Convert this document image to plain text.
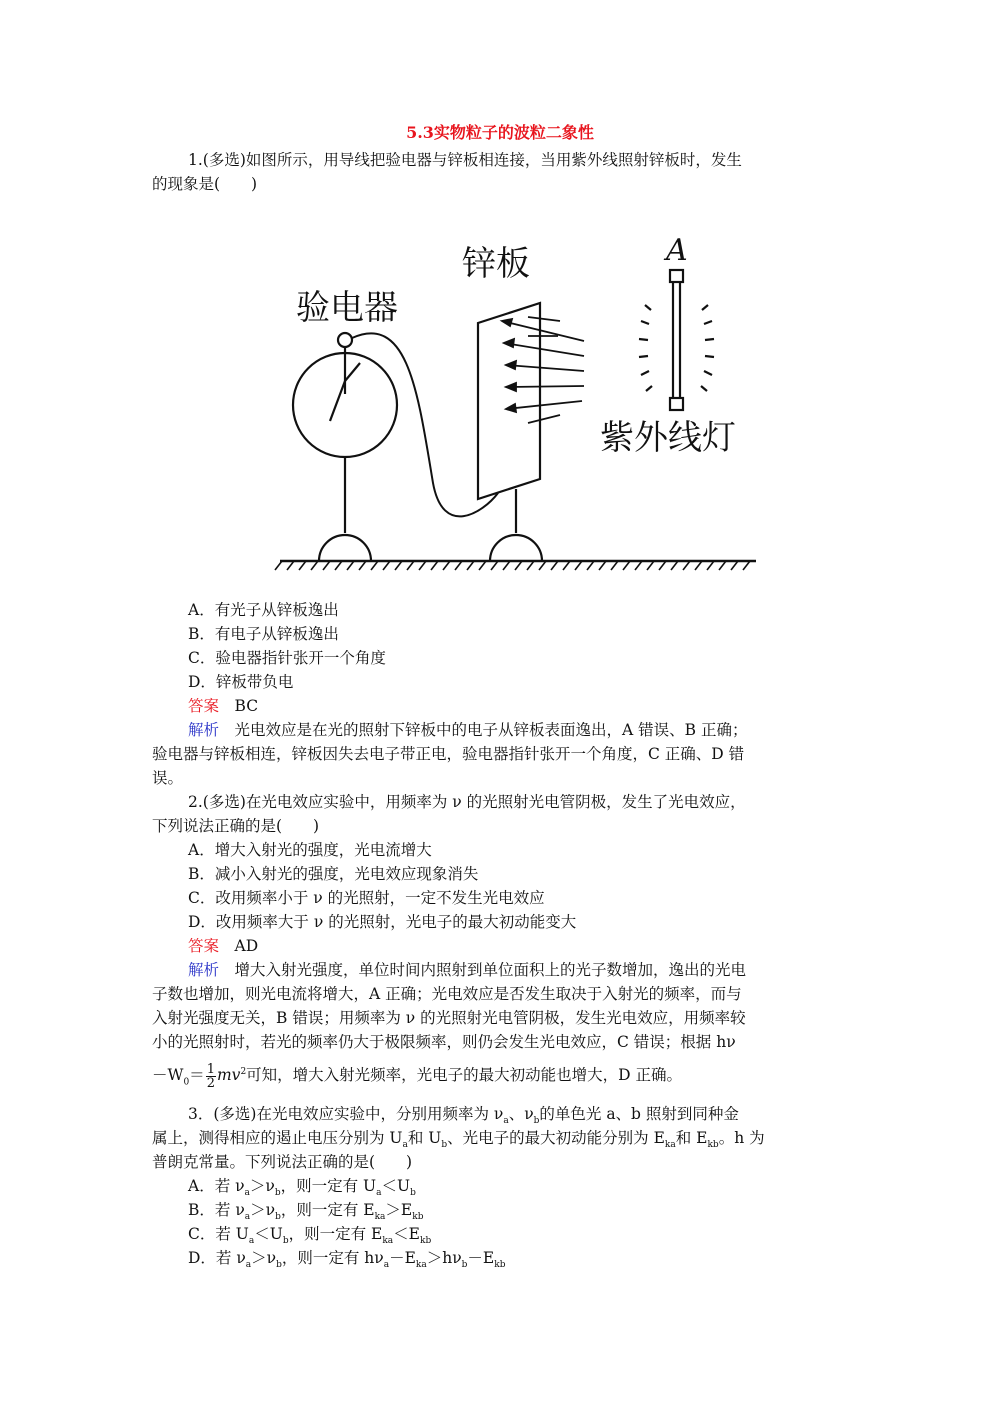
5.3实物粒子的波粒二象性
1.(多选)如图所示，用导线把验电器与锌板相连接，当用紫外线照射锌板时，发生
的现象是(　　)
验电器
锌板	A
紫外线灯
A．有光子从锌板逸出
B．有电子从锌板逸出
C．验电器指针张开一个角度
D．锌板带负电
答案　 BC
解析　 光电效应是在光的照射下锌板中的电子从锌板表面逸出，A 错误、B 正确；
验电器与锌板相连，锌板因失去电子带正电，验电器指针张开一个角度，C 正确、D 错
误。
2.(多选)在光电效应实验中，用频率为 ν 的光照射光电管阴极，发生了光电效应，
下列说法正确的是(　　)
A．增大入射光的强度，光电流增大
B．减小入射光的强度，光电效应现象消失
C．改用频率小于 ν 的光照射，一定不发生光电效应
D．改用频率大于 ν 的光照射，光电子的最大初动能变大
答案　 AD
解析　 增大入射光强度，单位时间内照射到单位面积上的光子数增加，逸出的光电
子数也增加，则光电流将增大，A 正确；光电效应是否发生取决于入射光的频率，而与
入射光强度无关，B 错误；用频率为 ν 的光照射光电管阴极，发生光电效应，用频率较
小的光照射时，若光的频率仍大于极限频率，则仍会发生光电效应，C 错误；根据 hν
$-W_0= \frac{1}{2} mv^2$可知，增大入射光频率，光电子的最大初动能也增大，D 正确。
3．(多选)在光电效应实验中，分别用频率为 $\nu_a$、$\nu_b$的单色光 a、b 照射到同种金
属上，测得相应的遏止电压分别为 $U_a$和 $U_b$、光电子的最大初动能分别为 $E_{ka}$和 $E_{kb}$。h 为
普朗克常量。下列说法正确的是(　　)
A．若 $\nu_a>\nu_b$，则一定有 $U_a<U_b$
B．若 $\nu_a>\nu_b$，则一定有 $E_{ka}>E_{kb}$
C．若 $U_a<U_b$，则一定有 $E_{ka}<E_{kb}$
D．若 $\nu_a>\nu_b$，则一定有 $h\nu_a-E_{ka}>h\nu_b-E_{kb}$
